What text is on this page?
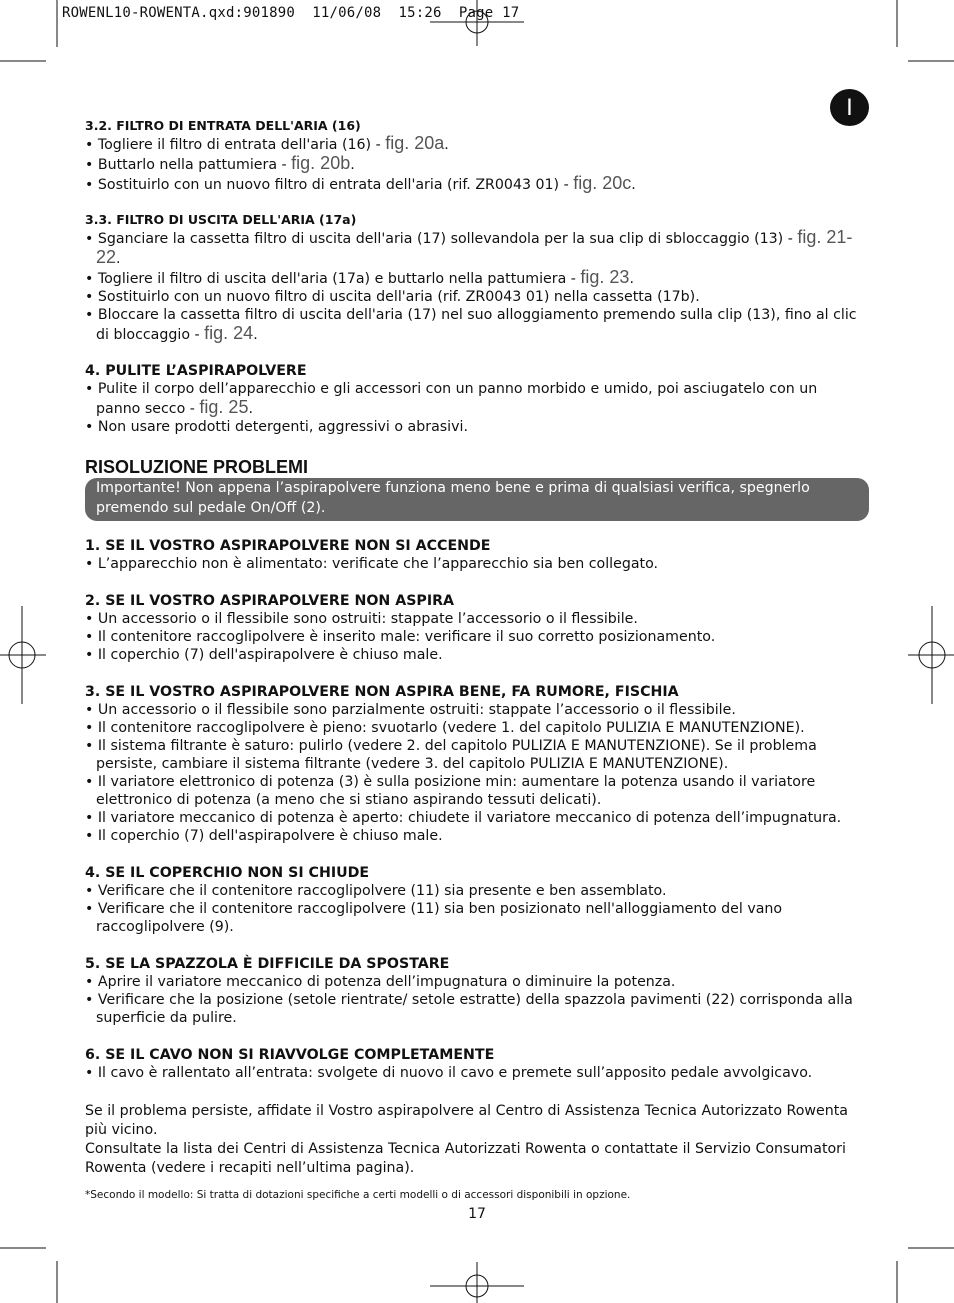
ROWENL10-ROWENTA.qxd:901890  11/06/08  15:26  Page 17
I
3.2. FILTRO DI ENTRATA DELL'ARIA (16)
• Togliere il filtro di entrata dell'aria (16) - fig. 20a.
• Buttarlo nella pattumiera - fig. 20b.
• Sostituirlo con un nuovo filtro di entrata dell'aria (rif. ZR0043 01) - fig. 20c.
3.3. FILTRO DI USCITA DELL'ARIA (17a)
• Sganciare la cassetta filtro di uscita dell'aria (17) sollevandola per la sua clip di sbloccaggio (13) - fig. 21-22.
• Togliere il filtro di uscita dell'aria (17a) e buttarlo nella pattumiera - fig. 23.
• Sostituirlo con un nuovo filtro di uscita dell'aria (rif. ZR0043 01) nella cassetta (17b).
• Bloccare la cassetta filtro di uscita dell'aria (17) nel suo alloggiamento premendo sulla clip (13), fino al clic di bloccaggio - fig. 24.
4. PULITE L’ASPIRAPOLVERE
• Pulite il corpo dell’apparecchio e gli accessori con un panno morbido e umido, poi asciugatelo con un panno secco - fig. 25.
• Non usare prodotti detergenti, aggressivi o abrasivi.
RISOLUZIONE PROBLEMI
Importante! Non appena l’aspirapolvere funziona meno bene e prima di qualsiasi verifica, spegnerlo premendo sul pedale On/Off (2).
1. SE IL VOSTRO ASPIRAPOLVERE NON SI ACCENDE
• L’apparecchio non è alimentato: verificate che l’apparecchio sia ben collegato.
2. SE IL VOSTRO ASPIRAPOLVERE NON ASPIRA
• Un accessorio o il flessibile sono ostruiti: stappate l’accessorio o il flessibile.
• Il contenitore raccoglipolvere è inserito male: verificare il suo corretto posizionamento.
• Il coperchio (7) dell'aspirapolvere è chiuso male.
3. SE IL VOSTRO ASPIRAPOLVERE NON ASPIRA BENE, FA RUMORE, FISCHIA
• Un accessorio o il flessibile sono parzialmente ostruiti: stappate l’accessorio o il flessibile.
• Il contenitore raccoglipolvere è pieno: svuotarlo (vedere 1. del capitolo PULIZIA E MANUTENZIONE).
• Il sistema filtrante è saturo: pulirlo (vedere 2. del capitolo PULIZIA E MANUTENZIONE). Se il problema persiste, cambiare il sistema filtrante (vedere 3. del capitolo PULIZIA E MANUTENZIONE).
• Il variatore elettronico di potenza (3) è sulla posizione min: aumentare la potenza usando il variatore elettronico di potenza (a meno che si stiano aspirando tessuti delicati).
• Il variatore meccanico di potenza è aperto: chiudete il variatore meccanico di potenza dell’impugnatura.
• Il coperchio (7) dell'aspirapolvere è chiuso male.
4. SE IL COPERCHIO NON SI CHIUDE
• Verificare che il contenitore raccoglipolvere (11) sia presente e ben assemblato.
• Verificare che il contenitore raccoglipolvere (11) sia ben posizionato nell'alloggiamento del vano raccoglipolvere (9).
5. SE LA SPAZZOLA È DIFFICILE DA SPOSTARE
• Aprire il variatore meccanico di potenza dell’impugnatura o diminuire la potenza.
• Verificare che la posizione (setole rientrate/ setole estratte) della spazzola pavimenti (22) corrisponda alla superficie da pulire.
6. SE IL CAVO NON SI RIAVVOLGE COMPLETAMENTE
• Il cavo è rallentato all’entrata: svolgete di nuovo il cavo e premete sull’apposito pedale avvolgicavo.
Se il problema persiste, affidate il Vostro aspirapolvere al Centro di Assistenza Tecnica Autorizzato Rowenta più vicino.
Consultate la lista dei Centri di Assistenza Tecnica Autorizzati Rowenta o contattate il Servizio Consumatori Rowenta (vedere i recapiti nell’ultima pagina).
*Secondo il modello: Si tratta di dotazioni specifiche a certi modelli o di accessori disponibili in opzione.
17
